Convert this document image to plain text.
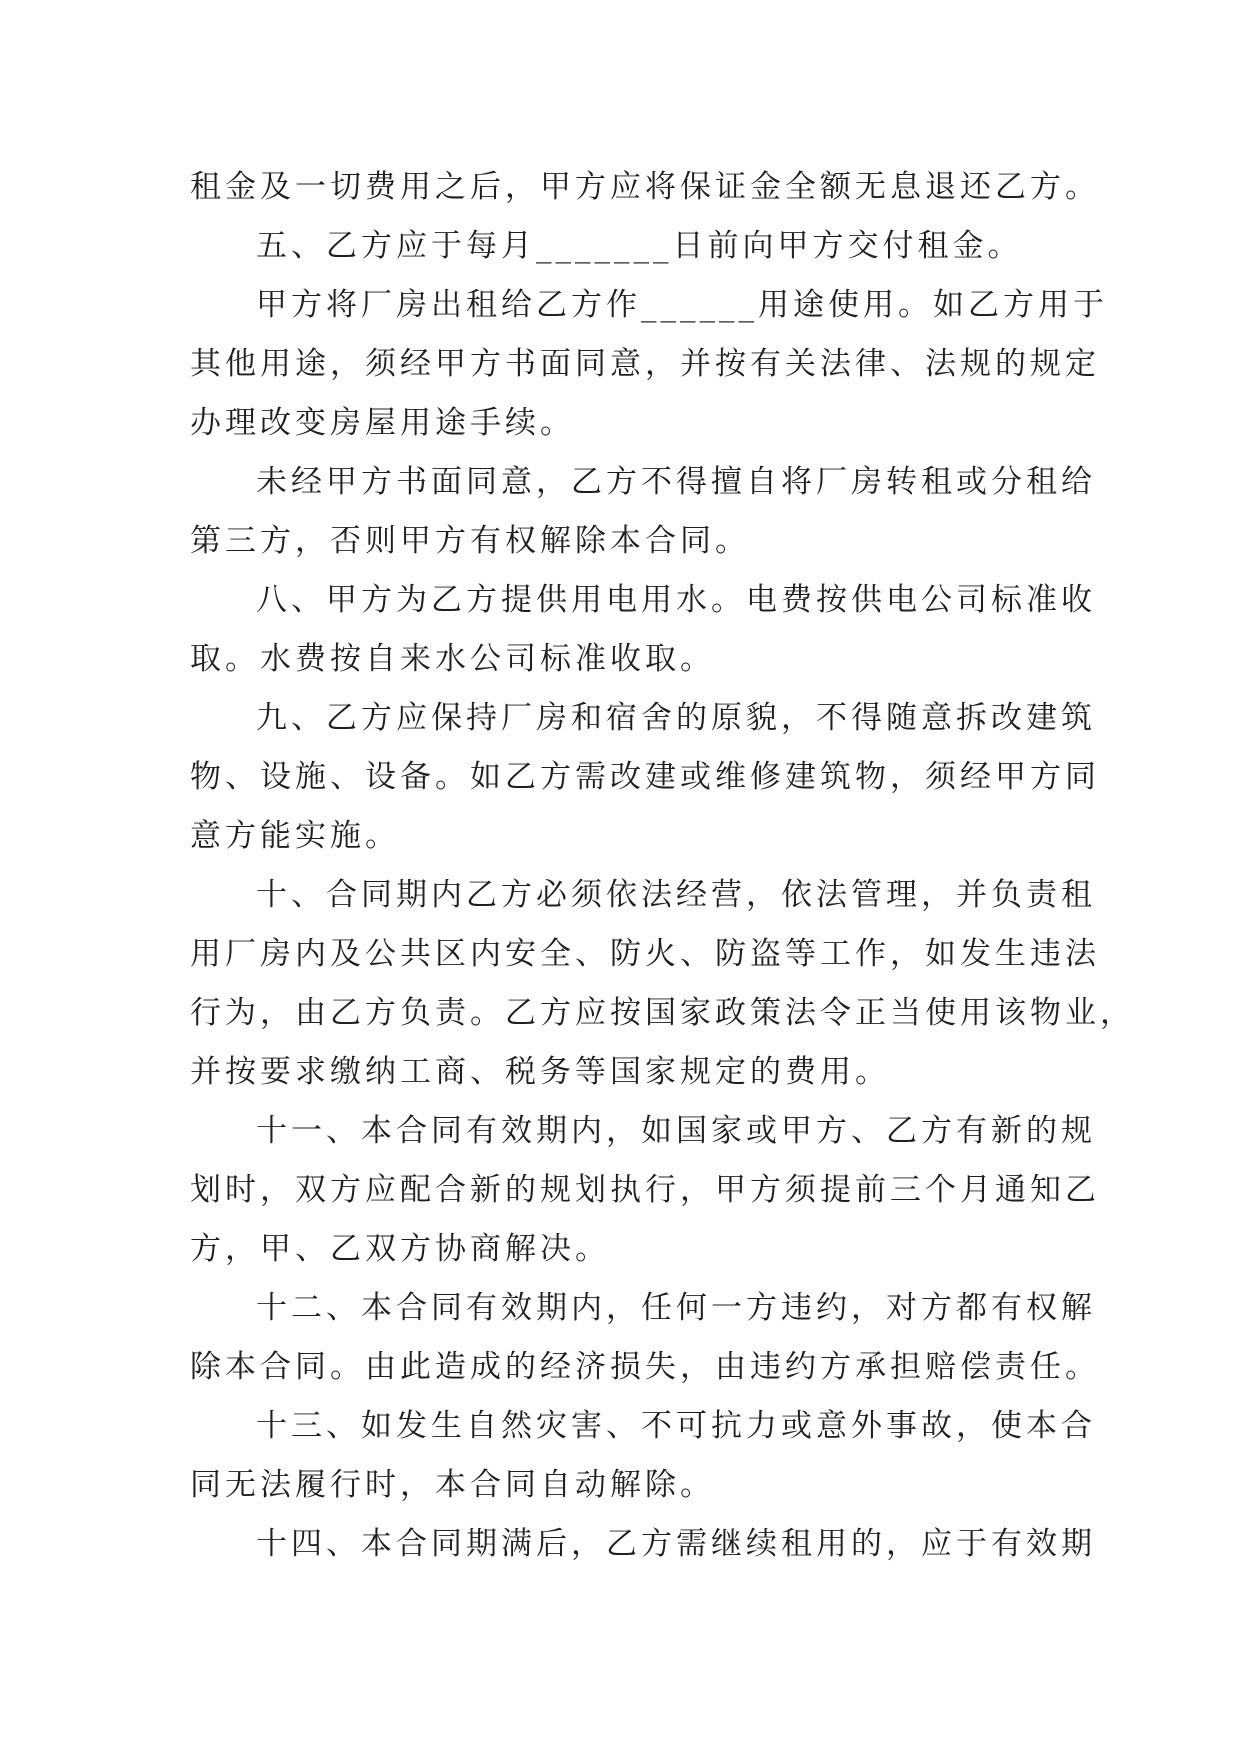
租金及一切费用之后，甲方应将保证金全额无息退还乙方。
五、乙方应于每月_______日前向甲方交付租金。
甲方将厂房出租给乙方作______用途使用。如乙方用于
其他用途，须经甲方书面同意，并按有关法律、法规的规定
办理改变房屋用途手续。
未经甲方书面同意，乙方不得擅自将厂房转租或分租给
第三方，否则甲方有权解除本合同。
八、甲方为乙方提供用电用水。电费按供电公司标准收
取。水费按自来水公司标准收取。
九、乙方应保持厂房和宿舍的原貌，不得随意拆改建筑
物、设施、设备。如乙方需改建或维修建筑物，须经甲方同
意方能实施。
十、合同期内乙方必须依法经营，依法管理，并负责租
用厂房内及公共区内安全、防火、防盗等工作，如发生违法
行为，由乙方负责。乙方应按国家政策法令正当使用该物业，
并按要求缴纳工商、税务等国家规定的费用。
十一、本合同有效期内，如国家或甲方、乙方有新的规
划时，双方应配合新的规划执行，甲方须提前三个月通知乙
方，甲、乙双方协商解决。
十二、本合同有效期内，任何一方违约，对方都有权解
除本合同。由此造成的经济损失，由违约方承担赔偿责任。
十三、如发生自然灾害、不可抗力或意外事故，使本合
同无法履行时，本合同自动解除。
十四、本合同期满后，乙方需继续租用的，应于有效期
